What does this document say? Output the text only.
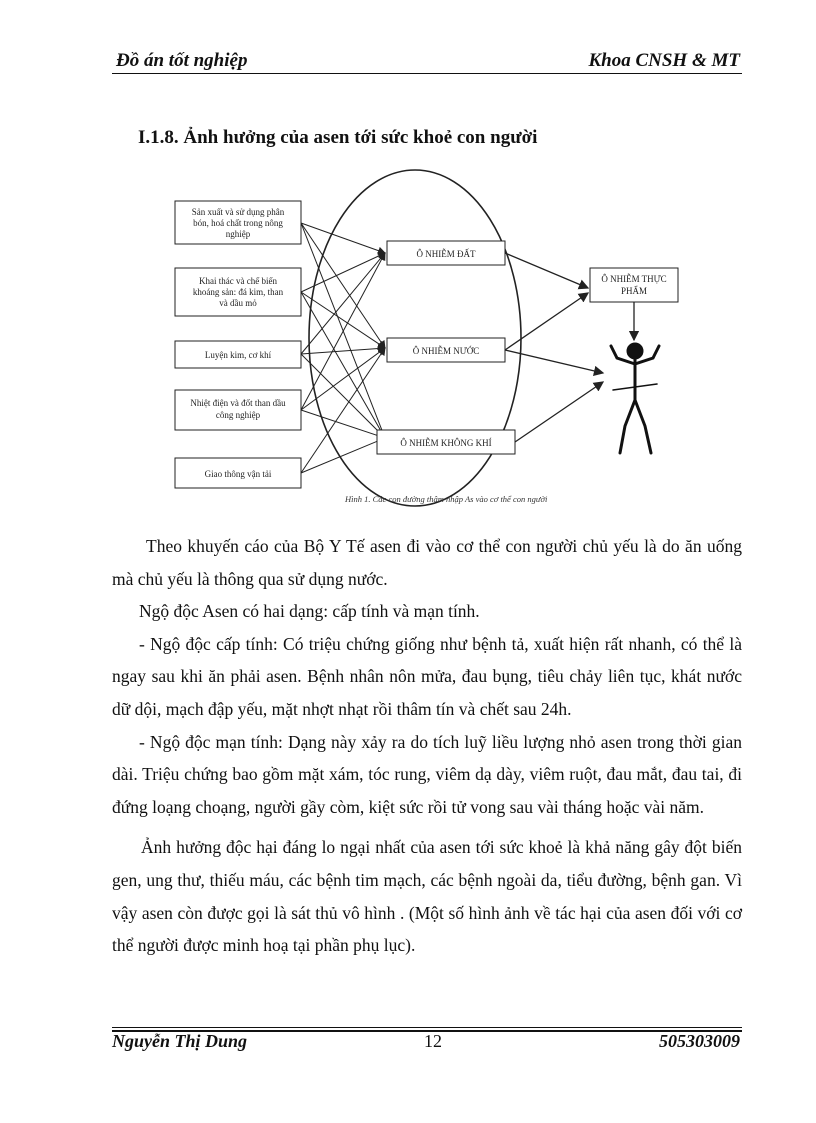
Đồ án tốt nghiệp	Khoa CNSH & MT
I.1.8. Ảnh hưởng của asen tới sức khoẻ con người
Sản xuất và sử dụng phân
bón, hoá chất trong nông
nghiệp
Khai thác và chế biến
khoáng sản: đá kim, than
và dầu mỏ
Luyện kim, cơ khí
Nhiệt điện và đốt than dầu
công nghiệp
Giao thông vận tải
Ô NHIỄM ĐẤT
Ô NHIỄM NƯỚC
Ô NHIỄM KHÔNG KHÍ
Ô NHIỄM THỰC
PHẨM
Hình 1. Các con đường thâm nhập As vào cơ thể con người

Theo khuyến cáo của Bộ Y Tế asen đi vào cơ thể con người chủ yếu là do ăn uống mà chủ yếu là thông qua sử dụng nước.

Ngộ độc Asen có hai dạng: cấp tính và mạn tính.

- Ngộ độc cấp tính: Có triệu chứng giống như bệnh tả, xuất hiện rất nhanh, có thể là ngay sau khi ăn phải asen. Bệnh nhân nôn mửa, đau bụng, tiêu chảy liên tục, khát nước dữ dội, mạch đập yếu, mặt nhợt nhạt rồi thâm tín và chết sau 24h.

- Ngộ độc mạn tính: Dạng này xảy ra do tích luỹ liều lượng nhỏ asen trong thời gian dài. Triệu chứng bao gồm mặt xám, tóc rung, viêm dạ dày, viêm ruột, đau mắt, đau tai, đi đứng loạng choạng, người gầy còm, kiệt sức rồi tử vong sau vài tháng hoặc vài năm.

Ảnh hưởng độc hại đáng lo ngại nhất của asen tới sức khoẻ là khả năng gây đột biến gen, ung thư, thiếu máu, các bệnh tim mạch, các bệnh ngoài da, tiểu đường, bệnh gan. Vì vậy asen còn được gọi là sát thủ vô hình . (Một số hình ảnh về tác hại của asen đối với cơ thể người được minh hoạ tại phần phụ lục).

Nguyễn Thị Dung	12	505303009
